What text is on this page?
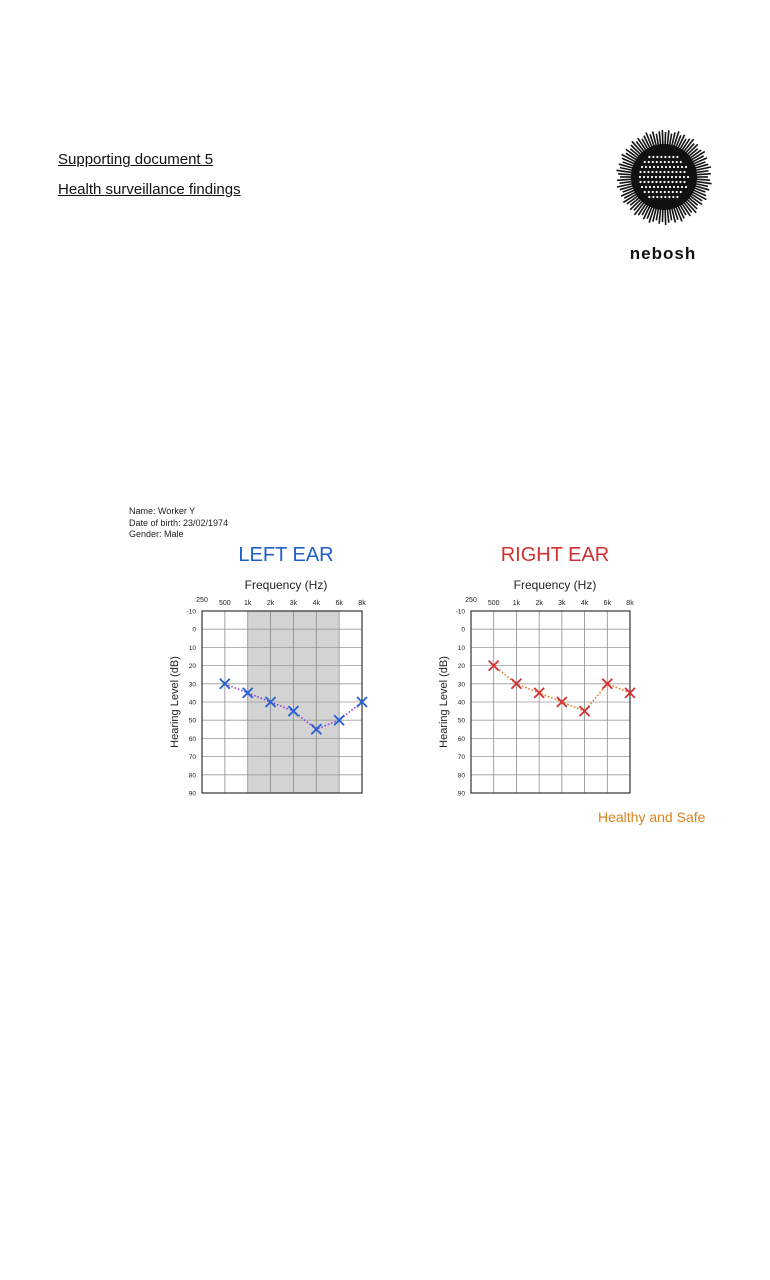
Supporting document 5
Health surveillance findings
nebosh
Name: Worker Y
Date of birth: 23/02/1974
Gender: Male
LEFT EAR
Frequency (Hz)
Hearing Level (dB)
250 500 1k 2k 3k 4k 6k 8k
-10
0
10
20
30
40
50
60
70
80
90
RIGHT EAR
Frequency (Hz)
Hearing Level (dB)
250 500 1k 2k 3k 4k 6k 8k
-10
0
10
20
30
40
50
60
70
80
90
Healthy and Safe
